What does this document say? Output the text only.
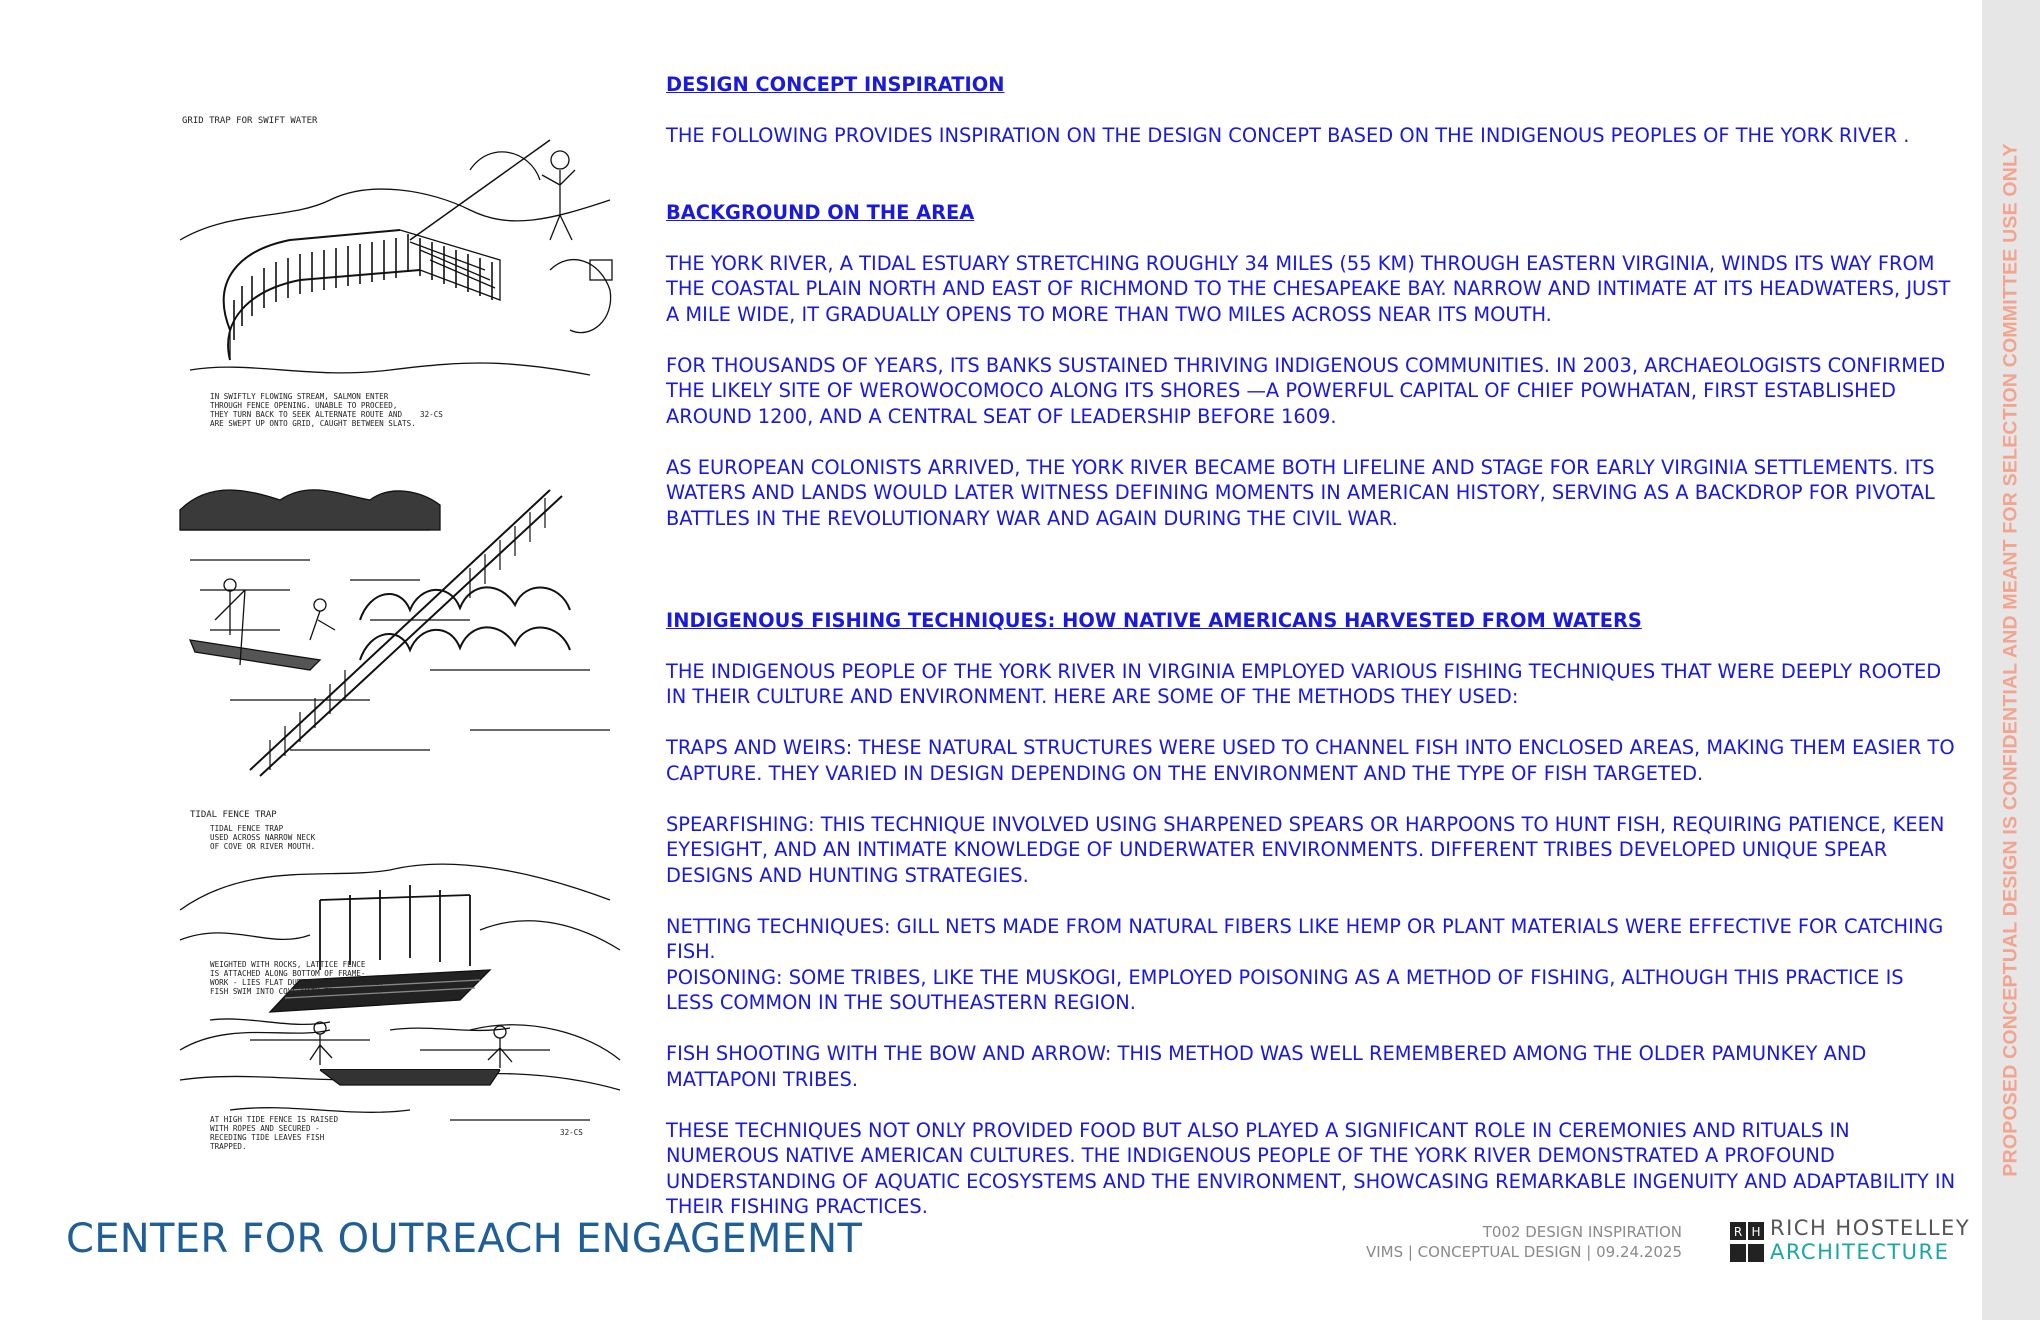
PROPOSED CONCEPTUAL DESIGN IS CONFIDENTIAL AND MEANT FOR SELECTION COMMITTEE USE ONLY
GRID TRAP FOR SWIFT WATER
IN SWIFTLY FLOWING STREAM, SALMON ENTER
THROUGH FENCE OPENING. UNABLE TO PROCEED,
THEY TURN BACK TO SEEK ALTERNATE ROUTE AND
ARE SWEPT UP ONTO GRID, CAUGHT BETWEEN SLATS.
32-CS
TIDAL FENCE TRAP
TIDAL FENCE TRAP
USED ACROSS NARROW NECK
OF COVE OR RIVER MOUTH.
WEIGHTED WITH ROCKS, LATTICE FENCE
IS ATTACHED ALONG BOTTOM OF FRAME-
WORK - LIES FLAT DURING INCOMING TIDE.
FISH SWIM INTO COVE WITH TIDE.
AT HIGH TIDE FENCE IS RAISED
WITH ROPES AND SECURED -
RECEDING TIDE LEAVES FISH
TRAPPED.
32-CS

DESIGN CONCEPT INSPIRATION

THE FOLLOWING PROVIDES INSPIRATION ON THE DESIGN CONCEPT BASED ON THE INDIGENOUS PEOPLES OF THE YORK RIVER .

BACKGROUND ON THE AREA

THE YORK RIVER, A TIDAL ESTUARY STRETCHING ROUGHLY 34 MILES (55 KM) THROUGH EASTERN VIRGINIA, WINDS ITS WAY FROM THE COASTAL PLAIN NORTH AND EAST OF RICHMOND TO THE CHESAPEAKE BAY. NARROW AND INTIMATE AT ITS HEADWATERS, JUST A MILE WIDE, IT GRADUALLY OPENS TO MORE THAN TWO MILES ACROSS NEAR ITS MOUTH.

FOR THOUSANDS OF YEARS, ITS BANKS SUSTAINED THRIVING INDIGENOUS COMMUNITIES. IN 2003, ARCHAEOLOGISTS CONFIRMED THE LIKELY SITE OF WEROWOCOMOCO ALONG ITS SHORES —A POWERFUL CAPITAL OF CHIEF POWHATAN, FIRST ESTABLISHED AROUND 1200, AND A CENTRAL SEAT OF LEADERSHIP BEFORE 1609.

AS EUROPEAN COLONISTS ARRIVED, THE YORK RIVER BECAME BOTH LIFELINE AND STAGE FOR EARLY VIRGINIA SETTLEMENTS. ITS WATERS AND LANDS WOULD LATER WITNESS DEFINING MOMENTS IN AMERICAN HISTORY, SERVING AS A BACKDROP FOR PIVOTAL BATTLES IN THE REVOLUTIONARY WAR AND AGAIN DURING THE CIVIL WAR.

INDIGENOUS FISHING TECHNIQUES: HOW NATIVE AMERICANS HARVESTED FROM WATERS

THE INDIGENOUS PEOPLE OF THE YORK RIVER IN VIRGINIA EMPLOYED VARIOUS FISHING TECHNIQUES THAT WERE DEEPLY ROOTED IN THEIR CULTURE AND ENVIRONMENT. HERE ARE SOME OF THE METHODS THEY USED:

TRAPS AND WEIRS: THESE NATURAL STRUCTURES WERE USED TO CHANNEL FISH INTO ENCLOSED AREAS, MAKING THEM EASIER TO CAPTURE. THEY VARIED IN DESIGN DEPENDING ON THE ENVIRONMENT AND THE TYPE OF FISH TARGETED.

SPEARFISHING: THIS TECHNIQUE INVOLVED USING SHARPENED SPEARS OR HARPOONS TO HUNT FISH, REQUIRING PATIENCE, KEEN EYESIGHT, AND AN INTIMATE KNOWLEDGE OF UNDERWATER ENVIRONMENTS. DIFFERENT TRIBES DEVELOPED UNIQUE SPEAR DESIGNS AND HUNTING STRATEGIES.

NETTING TECHNIQUES: GILL NETS MADE FROM NATURAL FIBERS LIKE HEMP OR PLANT MATERIALS WERE EFFECTIVE FOR CATCHING FISH.

POISONING: SOME TRIBES, LIKE THE MUSKOGI, EMPLOYED POISONING AS A METHOD OF FISHING, ALTHOUGH THIS PRACTICE IS LESS COMMON IN THE SOUTHEASTERN REGION.

FISH SHOOTING WITH THE BOW AND ARROW: THIS METHOD WAS WELL REMEMBERED AMONG THE OLDER PAMUNKEY AND MATTAPONI TRIBES.

THESE TECHNIQUES NOT ONLY PROVIDED FOOD BUT ALSO PLAYED A SIGNIFICANT ROLE IN CEREMONIES AND RITUALS IN NUMEROUS NATIVE AMERICAN CULTURES. THE INDIGENOUS PEOPLE OF THE YORK RIVER DEMONSTRATED A PROFOUND UNDERSTANDING OF AQUATIC ECOSYSTEMS AND THE ENVIRONMENT, SHOWCASING REMARKABLE INGENUITY AND ADAPTABILITY IN THEIR FISHING PRACTICES.

CENTER FOR OUTREACH ENGAGEMENT	T002 DESIGN INSPIRATION
VIMS | CONCEPTUAL DESIGN | 09.24.2025
R H RICH HOSTELLEY
ARCHITECTURE
